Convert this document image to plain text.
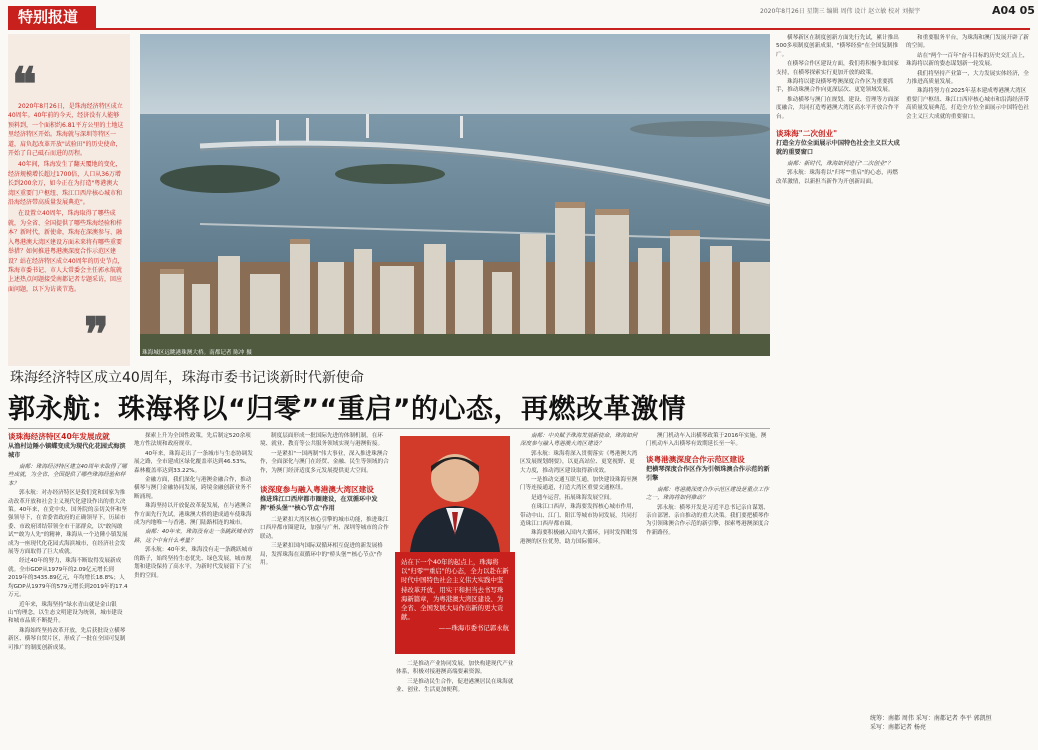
特别报道	2020年8月26日 星期三 编辑 周伟 设计 赵立敏 校对 刘振宇	A04 05
❝
❞

2020年8月26日，是珠海经济特区成立40周年。40年前的今天，经济没有人能够预料到，一个面积约6.81平方公里的土地这里经济特区开始。珠海就与深圳等特区一道，肩负起改革开放"试验田"的历史使命，开始了自己砥石而进的历程。

40年间，珠海发生了翻天覆地的变化，经济规模增长超过1700倍，人口从36万增长到200余万，如今正在为打造"粤港澳大湾区重要门户枢纽、珠江口西岸核心城市和沿海经济带高质量发展典范"。

在设置立40周年，珠海取得了哪些成就，为全省、全国提供了哪些珠海经验和样本？新时代，新使命，珠海在深澳参与、融入粤港澳大湾区建设方面未来将有哪些重要举措？如何推进粤港澳深度合作示范区建设？站在经济特区成立40周年的历史节点，珠海市委书记、市人大常委会主任郭永航就上述热点问题接受南都记者专题采访，回应面问题，以下为访谈节选。

珠海城区远眺港珠澳大桥。南都记者 陈冲 摄
珠海经济特区成立40周年，珠海市委书记谈新时代新使命
郭永航：珠海将以“归零”“重启”的心态，再燃改革激情
谈珠海经济特区40年发展成就
从渔村边陲小镇蝶变成为现代化花园式海滨城市

南都：珠海经济特区建立40周年来取得了哪些成就，为全省、全国提供了哪些珠海经验和样本？

郭永航：对办经济特区是我们党和国家为推动改革开放和社会主义现代化建设作出的重大决策。40年来，在党中央、国务院的亲切关怀和坚强领导下，在省委省政府的正确领导下，历届市委、市政府团结带领全市干部群众，以"敢闯敢试""敢为人先"的精神，珠海从一个边陲小镇发展成为一座现代化花园式海滨城市，在经济社会发展等方面取得了巨大成就。

经过40年的努力，珠海不断取得发展新成就。全市GDP从1979年的2.09亿元增长到2019年的3435.89亿元，年均增长18.8%；人均GDP从1979年的579元增长到2019年的17.4万元。

近年来，珠海坚持"绿水青山就是金山银山"的理念，以生态文明建设为统领，城市建设和城市品质不断提升。

珠海始终坚持改革开放，先后获批设立横琴新区、横琴自贸片区，形成了一批在全国可复制可推广的制度创新成果。

探索上升为全国性政策，先后制定520余项地方性法规和政府规章。

40年来，珠海走出了一条城市与生态协调发展之路，全市建成区绿化覆盖率达到46.53%，森林覆盖率达到33.22%。

金融方面，我们深化与港澳金融合作，推动横琴与澳门金融协同发展，跨境金融创新业务不断涌现。

珠海坚持以开放促改革促发展，在与港澳合作方面先行先试，港珠澳大桥的建成通车使珠海成为内地唯一与香港、澳门陆路相连的城市。

南都：40年来，珠海没有走一条跳跃城市的路，这个中有什么考量？

郭永航：40年来，珠海没有走一条跳跃城市的路子，始终坚持生态优先、绿色发展，城市规划和建设保持了高水平，为新时代发展留下了宝贵的空间。

制度层面形成一批国际先进的体制机制，在环境、就业、教育等公共服务领域实现与港澳衔接。

一是紧扣"一国两制"伟大事业，深入推进珠澳合作，全面深化与澳门在经贸、金融、民生等领域的合作，为澳门经济适度多元发展提供更大空间。

谈深度参与融入粤港澳大湾区建设
推进珠江口西岸都市圈建设，在双循环中发挥"桥头堡""核心节点"作用

二是紧扣大湾区核心引擎的城市功能，推进珠江口西岸都市圈建设，加强与广州、深圳等城市的合作联动。

三是紧扣国内国际双循环相互促进的新发展格局，发挥珠海在双循环中的"桥头堡""核心节点"作用。	站在下一个40年的起点上，珠海将以"归零""重启"的心态，全力以赴在新时代中国特色社会主义伟大实践中坚持改革开放，用实干和担当去书写珠海新篇章，为粤港澳大湾区建设、为全省、全国发展大局作出新的更大贡献。
——珠海市委书记郭永航

二是推动产业协同发展，加快构建现代产业体系，积极对接港澳高端要素资源。

三是推动民生合作，促进港澳居民在珠海就业、创业、生活更加便利。

南都：中央赋予珠海发展新使命，珠海如何深度参与融入粤港澳大湾区建设？

郭永航：珠海将深入贯彻落实《粤港澳大湾区发展规划纲要》，以更高站位、更宽视野、更大力度，推动湾区建设取得新成效。

一是推动交通互联互通，加快建设珠海至澳门等连接通道，打造大湾区重要交通枢纽。

是通车运营，拓展珠海发展空间。

在珠江口西岸，珠海要发挥核心城市作用，带动中山、江门、阳江等城市协同发展，共同打造珠江口西岸都市圈。

珠海要积极融入国内大循环，同时发挥毗邻港澳的区位优势，助力国际循环。

澳门机动车入出横琴政策于2016年实施，澳门机动车入出横琴有效期延长至一年。

谈粤港澳深度合作示范区建设
把横琴深度合作区作为引领珠澳合作示范的新引擎

南都：粤港澳深度合作示范区建设是重点工作之一，珠海将如何推动？

郭永航：横琴开发是习近平总书记亲自谋划、亲自部署、亲自推动的重大决策。我们要把横琴作为引领珠澳合作示范的新引擎，探索粤港澳深度合作新路径。

横琴新区在制度创新方面先行先试，累计推出500多项制度创新成果，"横琴经验"在全国复制推广。

在横琴合作区建设方面，我们将积极争取国家支持，在横琴探索实行更加开放的政策。

珠海将以建设横琴粤澳深度合作区为重要抓手，推动珠澳合作向更深层次、更宽领域发展。

推动横琴与澳门在规划、建设、管理等方面深度融合，共同打造粤港澳大湾区高水平开放合作平台。

谈珠海"二次创业"
打造全方位全面展示中国特色社会主义巨大成就的重要窗口

南都：新时代，珠海如何进行"二次创业"？

郭永航：珠海将以"归零""重启"的心态，再燃改革激情，以新担当新作为开创新局面。

和重要服务平台，为珠海和澳门发展开辟了新的空间。

站在"两个一百年"奋斗目标的历史交汇点上，珠海将以新的姿态谋划新一轮发展。

我们将坚持产业第一，大力发展实体经济，全力推进高质量发展。

珠海将努力在2025年基本建成粤港澳大湾区重要门户枢纽、珠江口西岸核心城市和沿海经济带高质量发展典范，打造全方位全面展示中国特色社会主义巨大成就的重要窗口。

统筹：南都 周伟 采写：南都记者 李平 郭凯恒
采写：南都记者 杨亮
